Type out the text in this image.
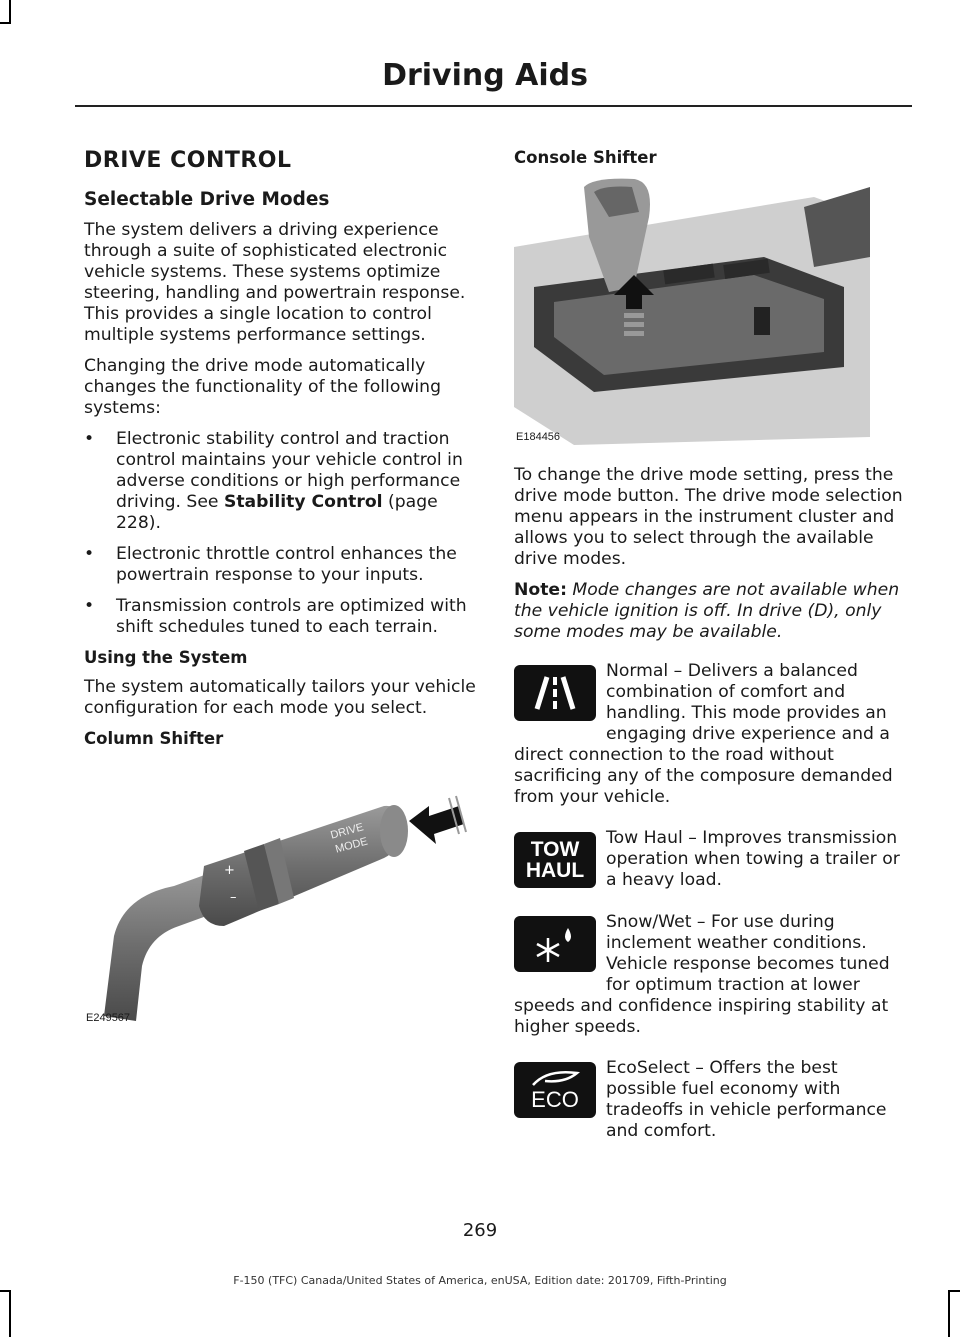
Driving Aids
DRIVE CONTROL
Selectable Drive Modes

The system delivers a driving experience through a suite of sophisticated electronic vehicle systems. These systems optimize steering, handling and powertrain response. This provides a single location to control multiple systems performance settings.

Changing the drive mode automatically changes the functionality of the following systems:

• Electronic stability control and traction control maintains your vehicle control in adverse conditions or high performance driving. See Stability Control (page 228).
• Electronic throttle control enhances the powertrain response to your inputs.
• Transmission controls are optimized with shift schedules tuned to each terrain.
Using the System

The system automatically tailors your vehicle configuration for each mode you select.

Column Shifter
DRIVE
MODE
+
–
E249567
Console Shifter
E184456

To change the drive mode setting, press the drive mode button. The drive mode selection menu appears in the instrument cluster and allows you to select through the available drive modes.

Note: Mode changes are not available when the vehicle ignition is off. In drive (D), only some modes may be available.

Normal – Delivers a balanced combination of comfort and handling. This mode provides an engaging drive experience and a direct connection to the road without sacrificing any of the composure demanded from your vehicle.

TOW
HAUL

Tow Haul – Improves transmission operation when towing a trailer or a heavy load.

Snow/Wet – For use during inclement weather conditions. Vehicle response becomes tuned for optimum traction at lower speeds and confidence inspiring stability at higher speeds.

ECO

EcoSelect – Offers the best possible fuel economy with tradeoffs in vehicle performance and comfort.

269
F-150 (TFC) Canada/United States of America, enUSA, Edition date: 201709, Fifth-Printing
